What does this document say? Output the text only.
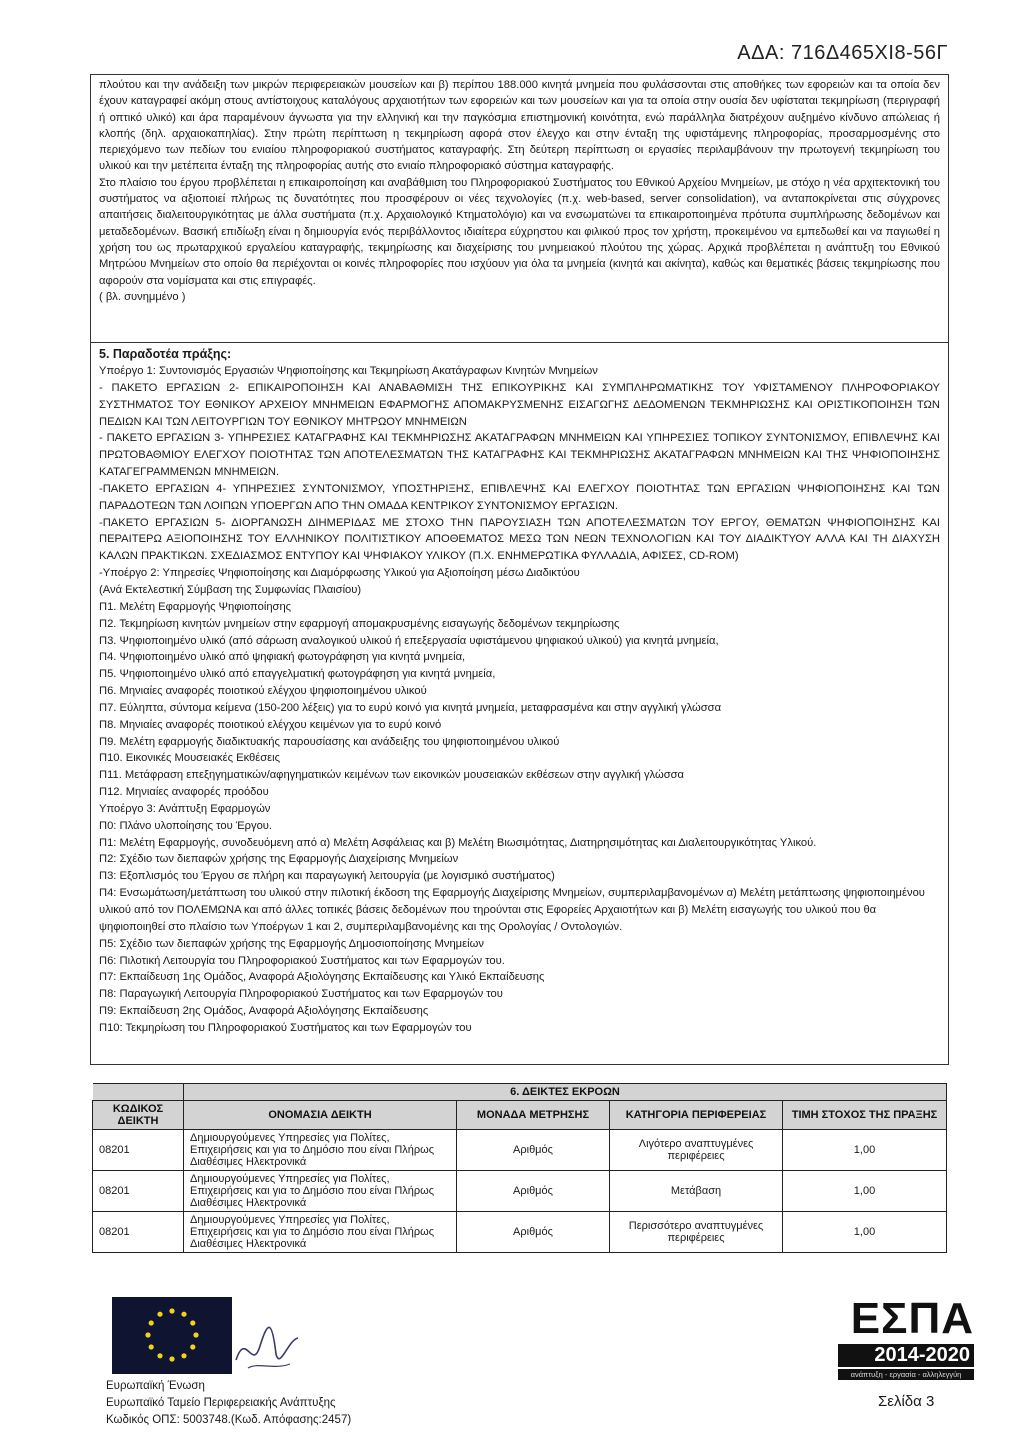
ΑΔΑ: 716Δ465ΧΙ8-56Γ

πλούτου και την ανάδειξη των μικρών περιφερειακών μουσείων και β) περίπου 188.000 κινητά μνημεία που φυλάσσονται στις αποθήκες των εφορειών και τα οποία δεν έχουν καταγραφεί ακόμη στους αντίστοιχους καταλόγους αρχαιοτήτων των εφορειών και των μουσείων και για τα οποία στην ουσία δεν υφίσταται τεκμηρίωση (περιγραφή ή οπτικό υλικό) και άρα παραμένουν άγνωστα για την ελληνική και την παγκόσμια επιστημονική κοινότητα, ενώ παράλληλα διατρέχουν αυξημένο κίνδυνο απώλειας ή κλοπής (δηλ. αρχαιοκαπηλίας). Στην πρώτη περίπτωση η τεκμηρίωση αφορά στον έλεγχο και στην ένταξη της υφιστάμενης πληροφορίας, προσαρμοσμένης στο περιεχόμενο των πεδίων του ενιαίου πληροφοριακού συστήματος καταγραφής. Στη δεύτερη περίπτωση οι εργασίες περιλαμβάνουν την πρωτογενή τεκμηρίωση του υλικού και την μετέπειτα ένταξη της πληροφορίας αυτής στο ενιαίο πληροφοριακό σύστημα καταγραφής.

Στο πλαίσιο του έργου προβλέπεται η επικαιροποίηση και αναβάθμιση του Πληροφοριακού Συστήματος του Εθνικού Αρχείου Μνημείων, με στόχο η νέα αρχιτεκτονική του συστήματος να αξιοποιεί πλήρως τις δυνατότητες που προσφέρουν οι νέες τεχνολογίες (π.χ. web-based, server consolidation), να ανταποκρίνεται στις σύγχρονες απαιτήσεις διαλειτουργικότητας με άλλα συστήματα (π.χ. Αρχαιολογικό Κτηματολόγιο) και να ενσωματώνει τα επικαιροποιημένα πρότυπα συμπλήρωσης δεδομένων και μεταδεδομένων. Βασική επιδίωξη είναι η δημιουργία ενός περιβάλλοντος ιδιαίτερα εύχρηστου και φιλικού προς τον χρήστη, προκειμένου να εμπεδωθεί και να παγιωθεί η χρήση του ως πρωταρχικού εργαλείου καταγραφής, τεκμηρίωσης και διαχείρισης του μνημειακού πλούτου της χώρας. Αρχικά προβλέπεται η ανάπτυξη του Εθνικού Μητρώου Μνημείων στο οποίο θα περιέχονται οι κοινές πληροφορίες που ισχύουν για όλα τα μνημεία (κινητά και ακίνητα), καθώς και θεματικές βάσεις τεκμηρίωσης που αφορούν στα νομίσματα και στις επιγραφές.

( βλ. συνημμένο )

5. Παραδοτέα πράξης:
Υποέργο 1: Συντονισμός Εργασιών Ψηφιοποίησης και Τεκμηρίωση Ακατάγραφων Κινητών Μνημείων
- ΠΑΚΕΤΟ ΕΡΓΑΣΙΩΝ 2- ΕΠΙΚΑΙΡΟΠΟΙΗΣΗ ΚΑΙ ΑΝΑΒΑΘΜΙΣΗ ΤΗΣ ΕΠΙΚΟΥΡΙΚΗΣ ΚΑΙ ΣΥΜΠΛΗΡΩΜΑΤΙΚΗΣ ΤΟΥ ΥΦΙΣΤΑΜΕΝΟΥ ΠΛΗΡΟΦΟΡΙΑΚΟΥ ΣΥΣΤΗΜΑΤΟΣ ΤΟΥ ΕΘΝΙΚΟΥ ΑΡΧΕΙΟΥ ΜΝΗΜΕΙΩΝ ΕΦΑΡΜΟΓΗΣ ΑΠΟΜΑΚΡΥΣΜΕΝΗΣ ΕΙΣΑΓΩΓΗΣ ΔΕΔΟΜΕΝΩΝ ΤΕΚΜΗΡΙΩΣΗΣ ΚΑΙ ΟΡΙΣΤΙΚΟΠΟΙΗΣΗ ΤΩΝ ΠΕΔΙΩΝ ΚΑΙ ΤΩΝ ΛΕΙΤΟΥΡΓΙΩΝ ΤΟΥ ΕΘΝΙΚΟΥ ΜΗΤΡΩΟΥ ΜΝΗΜΕΙΩΝ
- ΠΑΚΕΤΟ ΕΡΓΑΣΙΩΝ 3- ΥΠΗΡΕΣΙΕΣ ΚΑΤΑΓΡΑΦΗΣ ΚΑΙ ΤΕΚΜΗΡΙΩΣΗΣ ΑΚΑΤΑΓΡΑΦΩΝ ΜΝΗΜΕΙΩΝ ΚΑΙ ΥΠΗΡΕΣΙΕΣ ΤΟΠΙΚΟΥ ΣΥΝΤΟΝΙΣΜΟΥ, ΕΠΙΒΛΕΨΗΣ ΚΑΙ ΠΡΩΤΟΒΑΘΜΙΟΥ ΕΛΕΓΧΟΥ ΠΟΙΟΤΗΤΑΣ ΤΩΝ ΑΠΟΤΕΛΕΣΜΑΤΩΝ ΤΗΣ ΚΑΤΑΓΡΑΦΗΣ ΚΑΙ ΤΕΚΜΗΡΙΩΣΗΣ ΑΚΑΤΑΓΡΑΦΩΝ ΜΝΗΜΕΙΩΝ ΚΑΙ ΤΗΣ ΨΗΦΙΟΠΟΙΗΣΗΣ ΚΑΤΑΓΕΓΡΑΜΜΕΝΩΝ ΜΝΗΜΕΙΩΝ.
-ΠΑΚΕΤΟ ΕΡΓΑΣΙΩΝ 4- ΥΠΗΡΕΣΙΕΣ ΣΥΝΤΟΝΙΣΜΟΥ, ΥΠΟΣΤΗΡΙΞΗΣ, ΕΠΙΒΛΕΨΗΣ ΚΑΙ ΕΛΕΓΧΟΥ ΠΟΙΟΤΗΤΑΣ ΤΩΝ ΕΡΓΑΣΙΩΝ ΨΗΦΙΟΠΟΙΗΣΗΣ ΚΑΙ ΤΩΝ ΠΑΡΑΔΟΤΕΩΝ ΤΩΝ ΛΟΙΠΩΝ ΥΠΟΕΡΓΩΝ ΑΠΟ ΤΗΝ ΟΜΑΔΑ ΚΕΝΤΡΙΚΟΥ ΣΥΝΤΟΝΙΣΜΟΥ ΕΡΓΑΣΙΩΝ.
-ΠΑΚΕΤΟ ΕΡΓΑΣΙΩΝ 5- ΔΙΟΡΓΑΝΩΣΗ ΔΙΗΜΕΡΙΔΑΣ ΜΕ ΣΤΟΧΟ ΤΗΝ ΠΑΡΟΥΣΙΑΣΗ ΤΩΝ ΑΠΟΤΕΛΕΣΜΑΤΩΝ ΤΟΥ ΕΡΓΟΥ, ΘΕΜΑΤΩΝ ΨΗΦΙΟΠΟΙΗΣΗΣ ΚΑΙ ΠΕΡΑΙΤΕΡΩ ΑΞΙΟΠΟΙΗΣΗΣ ΤΟΥ ΕΛΛΗΝΙΚΟΥ ΠΟΛΙΤΙΣΤΙΚΟΥ ΑΠΟΘΕΜΑΤΟΣ ΜΕΣΩ ΤΩΝ ΝΕΩΝ ΤΕΧΝΟΛΟΓΙΩΝ ΚΑΙ ΤΟΥ ΔΙΑΔΙΚΤΥΟΥ ΑΛΛΑ ΚΑΙ ΤΗ ΔΙΑΧΥΣΗ ΚΑΛΩΝ ΠΡΑΚΤΙΚΩΝ. ΣΧΕΔΙΑΣΜΟΣ ΕΝΤΥΠΟΥ ΚΑΙ ΨΗΦΙΑΚΟΥ ΥΛΙΚΟΥ (Π.Χ. ΕΝΗΜΕΡΩΤΙΚΑ ΦΥΛΛΑΔΙΑ, ΑΦΙΣΕΣ, CD-ROM)
-Υποέργο 2: Υπηρεσίες Ψηφιοποίησης και Διαμόρφωσης Υλικού για Αξιοποίηση μέσω Διαδικτύου
(Ανά Εκτελεστική Σύμβαση της Συμφωνίας Πλαισίου)
Π1. Μελέτη Εφαρμογής Ψηφιοποίησης
Π2. Τεκμηρίωση κινητών μνημείων στην εφαρμογή απομακρυσμένης εισαγωγής δεδομένων τεκμηρίωσης
Π3. Ψηφιοποιημένο υλικό (από σάρωση αναλογικού υλικού ή επεξεργασία υφιστάμενου ψηφιακού υλικού) για κινητά μνημεία,
Π4. Ψηφιοποιημένο υλικό από ψηφιακή φωτογράφηση για κινητά μνημεία,
Π5. Ψηφιοποιημένο υλικό από επαγγελματική φωτογράφηση για κινητά μνημεία,
Π6. Μηνιαίες αναφορές ποιοτικού ελέγχου ψηφιοποιημένου υλικού
Π7. Εύληπτα, σύντομα κείμενα (150-200 λέξεις) για το ευρύ κοινό για κινητά μνημεία, μεταφρασμένα και στην αγγλική γλώσσα
Π8. Μηνιαίες αναφορές ποιοτικού ελέγχου κειμένων για το ευρύ κοινό
Π9. Μελέτη εφαρμογής διαδικτυακής παρουσίασης και ανάδειξης του ψηφιοποιημένου υλικού
Π10. Εικονικές Μουσειακές Εκθέσεις
Π11. Μετάφραση επεξηγηματικών/αφηγηματικών κειμένων των εικονικών μουσειακών εκθέσεων στην αγγλική γλώσσα
Π12. Μηνιαίες αναφορές προόδου
Υποέργο 3: Ανάπτυξη Εφαρμογών
Π0: Πλάνο υλοποίησης του Έργου.
Π1: Μελέτη Εφαρμογής, συνοδευόμενη από α) Μελέτη Ασφάλειας και β) Μελέτη Βιωσιμότητας, Διατηρησιμότητας και Διαλειτουργικότητας Υλικού.
Π2: Σχέδιο των διεπαφών χρήσης της Εφαρμογής Διαχείρισης Μνημείων
Π3: Εξοπλισμός του Έργου σε πλήρη και παραγωγική λειτουργία (με λογισμικό συστήματος)
Π4: Ενσωμάτωση/μετάπτωση του υλικού στην πιλοτική έκδοση της Εφαρμογής Διαχείρισης Μνημείων, συμπεριλαμβανομένων α) Μελέτη μετάπτωσης ψηφιοποιημένου υλικού από τον ΠΟΛΕΜΩΝΑ και από άλλες τοπικές βάσεις δεδομένων που τηρούνται στις Εφορείες Αρχαιοτήτων και β) Μελέτη εισαγωγής του υλικού που θα ψηφιοποιηθεί στο πλαίσιο των Υποέργων 1 και 2, συμπεριλαμβανομένης και της Ορολογίας / Οντολογιών.
Π5: Σχέδιο των διεπαφών χρήσης της Εφαρμογής Δημοσιοποίησης Μνημείων
Π6: Πιλοτική Λειτουργία του Πληροφοριακού Συστήματος και των Εφαρμογών του.
Π7: Εκπαίδευση 1ης Ομάδος, Αναφορά Αξιολόγησης Εκπαίδευσης και Υλικό Εκπαίδευσης
Π8: Παραγωγική Λειτουργία Πληροφοριακού Συστήματος και των Εφαρμογών του
Π9: Εκπαίδευση 2ης Ομάδος, Αναφορά Αξιολόγησης Εκπαίδευσης
Π10: Τεκμηρίωση του Πληροφοριακού Συστήματος και των Εφαρμογών του
	6. ΔΕΙΚΤΕΣ ΕΚΡΟΩΝ			
ΚΩΔΙΚΟΣ ΔΕΙΚΤΗ	ΟΝΟΜΑΣΙΑ ΔΕΙΚΤΗ	ΜΟΝΑΔΑ ΜΕΤΡΗΣΗΣ	ΚΑΤΗΓΟΡΙΑ ΠΕΡΙΦΕΡΕΙΑΣ	ΤΙΜΗ ΣΤΟΧΟΣ ΤΗΣ ΠΡΑΞΗΣ
08201	Δημιουργούμενες Υπηρεσίες για Πολίτες, Επιχειρήσεις και για το Δημόσιο που είναι Πλήρως Διαθέσιμες Ηλεκτρονικά	Αριθμός	Λιγότερο αναπτυγμένες περιφέρειες	1,00
08201	Δημιουργούμενες Υπηρεσίες για Πολίτες, Επιχειρήσεις και για το Δημόσιο που είναι Πλήρως Διαθέσιμες Ηλεκτρονικά	Αριθμός	Μετάβαση	1,00
08201	Δημιουργούμενες Υπηρεσίες για Πολίτες, Επιχειρήσεις και για το Δημόσιο που είναι Πλήρως Διαθέσιμες Ηλεκτρονικά	Αριθμός	Περισσότερο αναπτυγμένες περιφέρειες	1,00
Ευρωπαϊκή Ένωση
Ευρωπαϊκό Ταμείο Περιφερειακής Ανάπτυξης
Κωδικός ΟΠΣ: 5003748.(Κωδ. Απόφασης:2457)
ΕΣΠΑ
2014-2020
ανάπτυξη - εργασία - αλληλεγγύη
Σελίδα 3
